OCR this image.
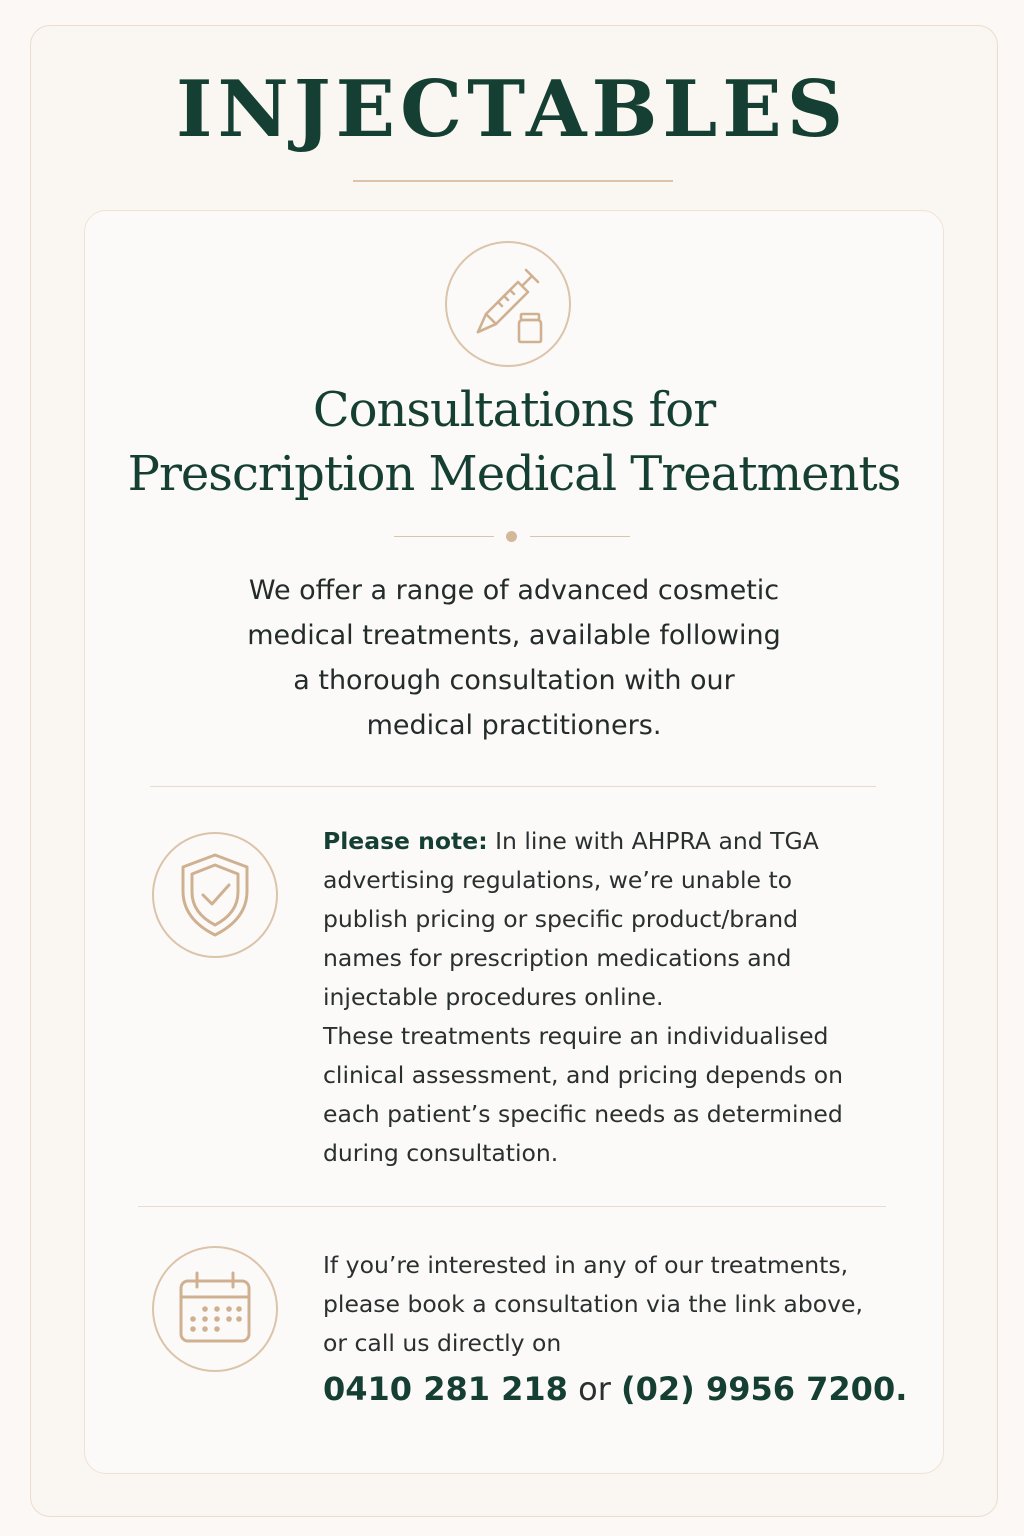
INJECTABLES
Consultations for
Prescription Medical Treatments
We offer a range of advanced cosmetic
medical treatments, available following
a thorough consultation with our
medical practitioners.
Please note: In line with AHPRA and TGA
advertising regulations, we’re unable to
publish pricing or specific product/brand
names for prescription medications and
injectable procedures online.
These treatments require an individualised
clinical assessment, and pricing depends on
each patient’s specific needs as determined
during consultation.
If you’re interested in any of our treatments,
please book a consultation via the link above,
or call us directly on
0410 281 218 or (02) 9956 7200.
